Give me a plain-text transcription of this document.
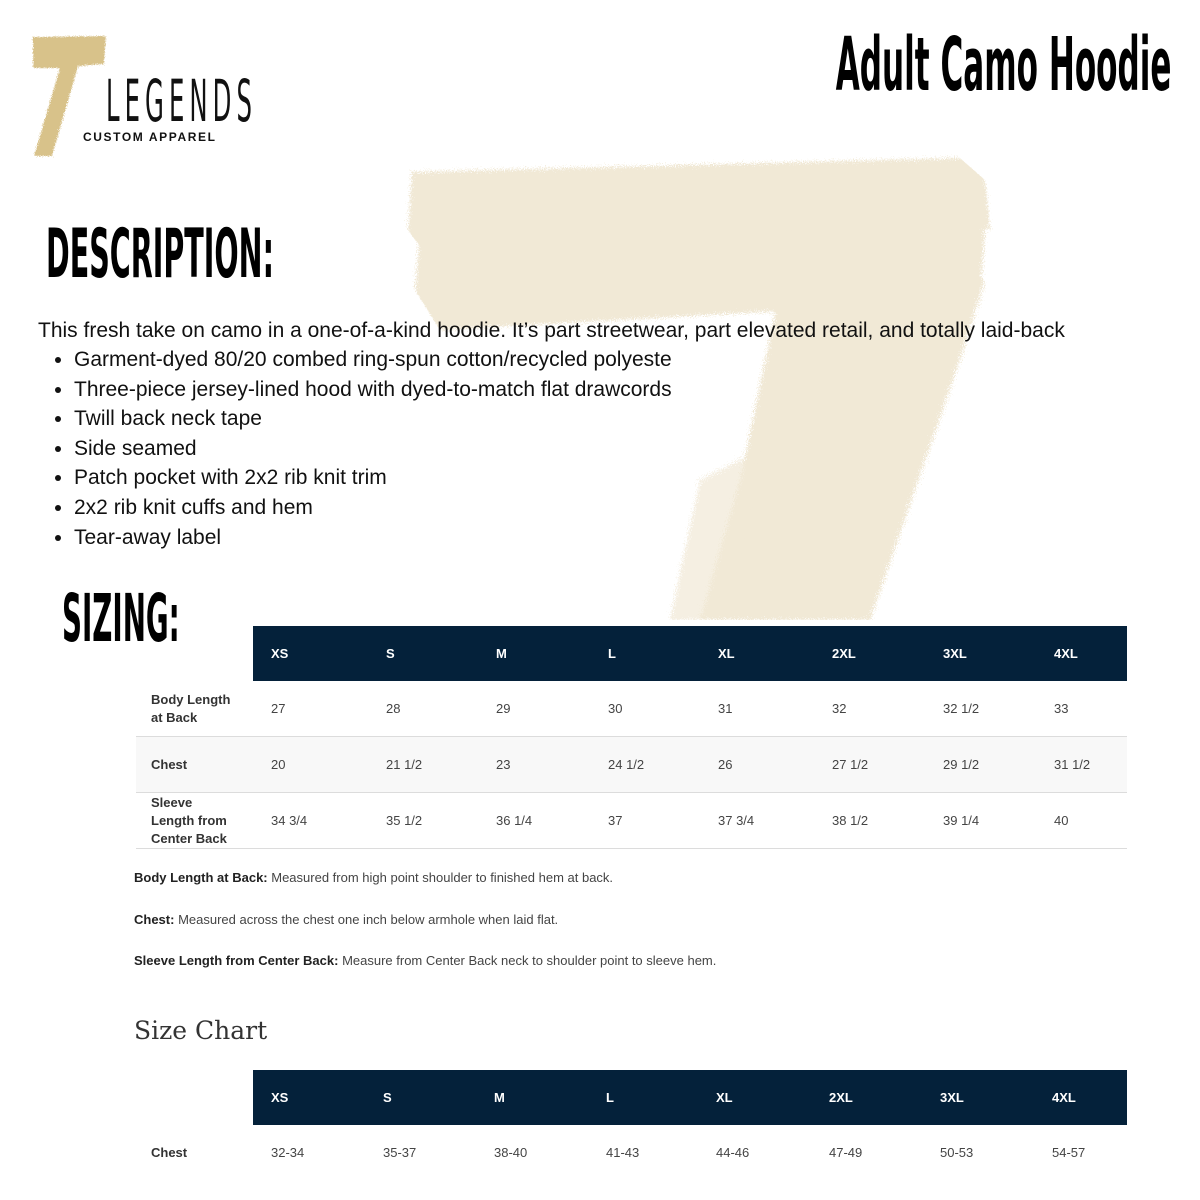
LEGENDS
CUSTOM APPAREL
Adult Camo Hoodie
DESCRIPTION:
This fresh take on camo in a one-of-a-kind hoodie. It’s part streetwear, part elevated retail, and totally laid-back
• Garment-dyed 80/20 combed ring-spun cotton/recycled polyeste
• Three-piece jersey-lined hood with dyed-to-match flat drawcords
• Twill back neck tape
• Side seamed
• Patch pocket with 2x2 rib knit trim
• 2x2 rib knit cuffs and hem
• Tear-away label
SIZING:
		XS	S	M	L	XL	2XL	3XL	4XL
Body Length
at Back	27	28	29	30	31	32	32 1/2	33
Chest	20	21 1/2	23	24 1/2	26	27 1/2	29 1/2	31 1/2
Sleeve
Length from
Center Back	34 3/4	35 1/2	36 1/4	37	37 3/4	38 1/2	39 1/4	40
Body Length at Back: Measured from high point shoulder to finished hem at back.
Chest: Measured across the chest one inch below armhole when laid flat.
Sleeve Length from Center Back: Measure from Center Back neck to shoulder point to sleeve hem.
Size Chart
	XS	S	M	L	XL	2XL	3XL	4XL
Chest	32-34	35-37	38-40	41-43	44-46	47-49	50-53	54-57
